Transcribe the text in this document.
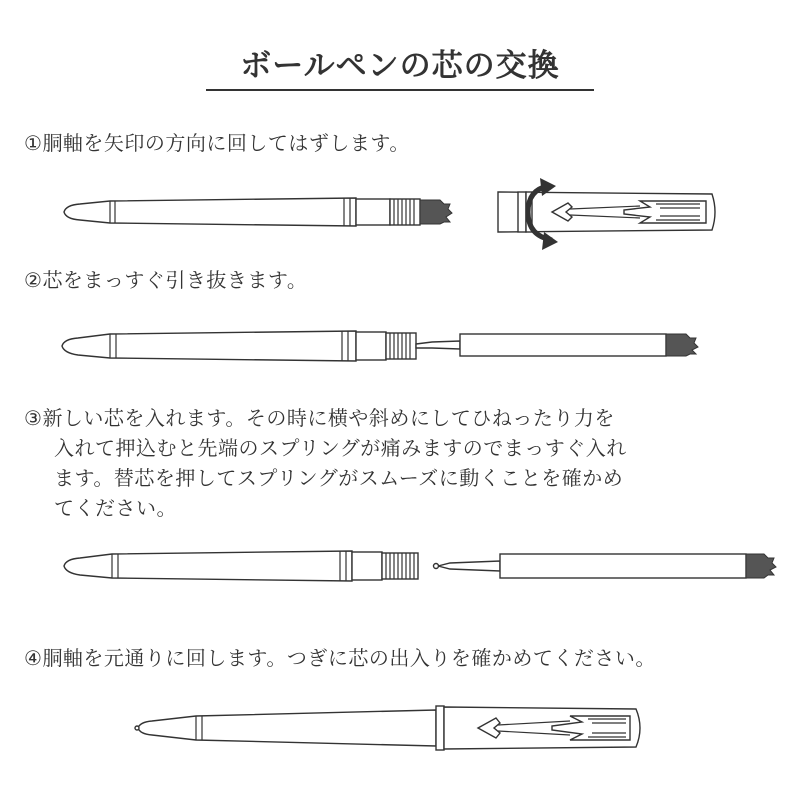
ボールペンの芯の交換
①胴軸を矢印の方向に回してはずします。
②芯をまっすぐ引き抜きます。
③新しい芯を入れます。その時に横や斜めにしてひねったり力を
入れて押込むと先端のスプリングが痛みますのでまっすぐ入れ
ます。替芯を押してスプリングがスムーズに動くことを確かめ
てください。
④胴軸を元通りに回します。つぎに芯の出入りを確かめてください。
